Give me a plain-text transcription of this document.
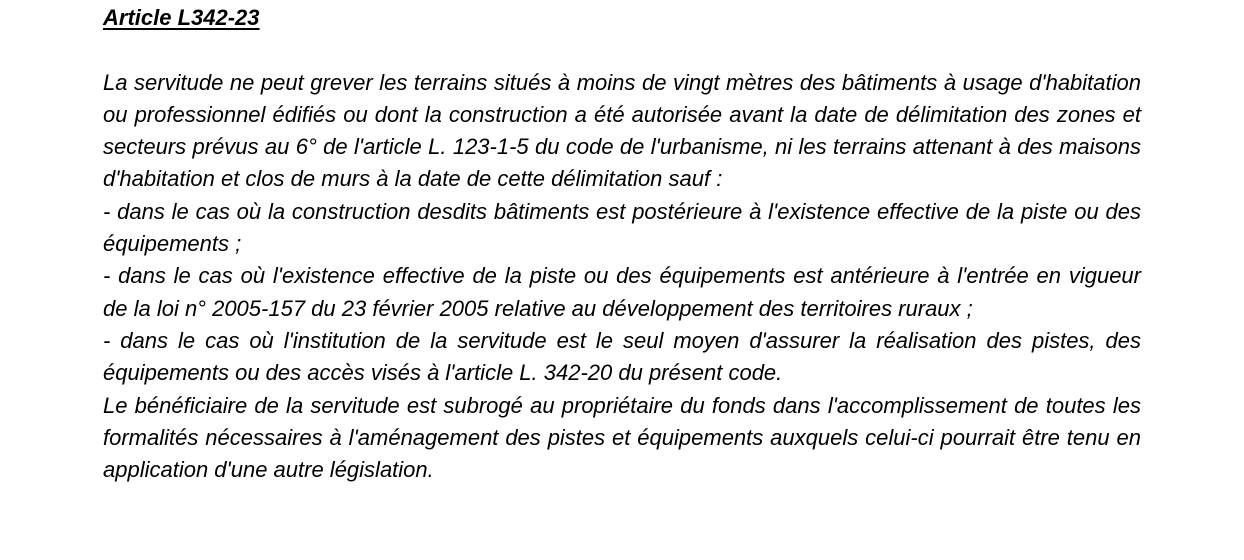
Article L342-23

La servitude ne peut grever les terrains situés à moins de vingt mètres des bâtiments à usage d'habitation ou professionnel édifiés ou dont la construction a été autorisée avant la date de délimitation des zones et secteurs prévus au 6° de l'article L. 123-1-5 du code de l'urbanisme, ni les terrains attenant à des maisons d'habitation et clos de murs à la date de cette délimitation sauf :

- dans le cas où la construction desdits bâtiments est postérieure à l'existence effective de la piste ou des équipements ;

- dans le cas où l'existence effective de la piste ou des équipements est antérieure à l'entrée en vigueur de la loi n° 2005-157 du 23 février 2005 relative au développement des territoires ruraux ;

- dans le cas où l'institution de la servitude est le seul moyen d'assurer la réalisation des pistes, des équipements ou des accès visés à l'article L. 342-20 du présent code.

Le bénéficiaire de la servitude est subrogé au propriétaire du fonds dans l'accomplissement de toutes les formalités nécessaires à l'aménagement des pistes et équipements auxquels celui-ci pourrait être tenu en application d'une autre législation.
